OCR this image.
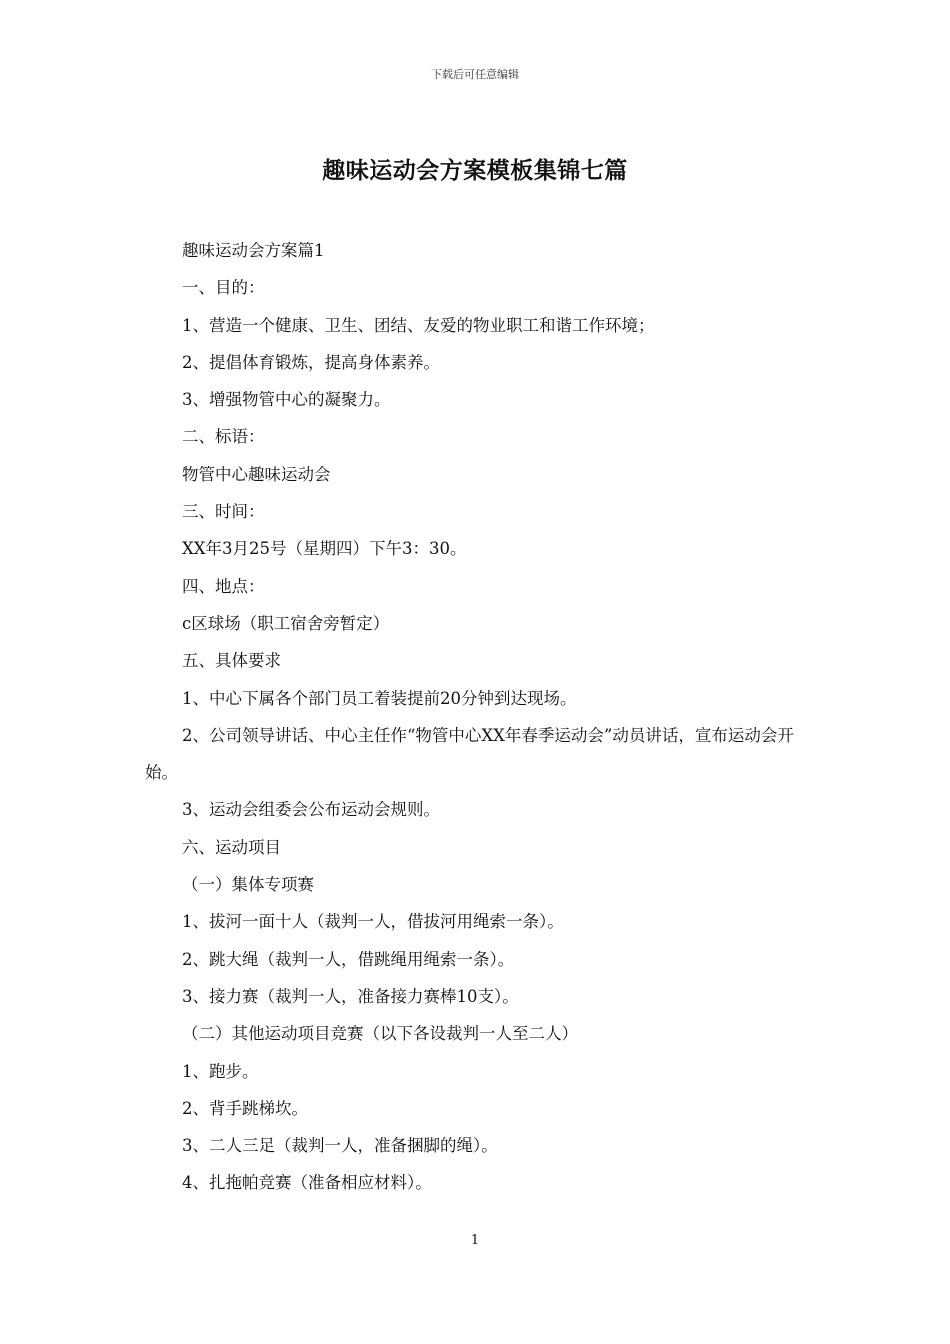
下载后可任意编辑
趣味运动会方案模板集锦七篇
趣味运动会方案篇1
一、目的：
1、营造一个健康、卫生、团结、友爱的物业职工和谐工作环境；
2、提倡体育锻炼，提高身体素养。
3、增强物管中心的凝聚力。
二、标语：
物管中心趣味运动会
三、时间：
XX年3月25号（星期四）下午3：30。
四、地点：
c区球场（职工宿舍旁暂定）
五、具体要求
1、中心下属各个部门员工着装提前20分钟到达现场。
2、公司领导讲话、中心主任作“物管中心XX年春季运动会”动员讲话，宣布运动会开始。
3、运动会组委会公布运动会规则。
六、运动项目
（一）集体专项赛
1、拔河一面十人（裁判一人，借拔河用绳索一条）。
2、跳大绳（裁判一人，借跳绳用绳索一条）。
3、接力赛（裁判一人，准备接力赛棒10支）。
（二）其他运动项目竞赛（以下各设裁判一人至二人）
1、跑步。
2、背手跳梯坎。
3、二人三足（裁判一人，准备捆脚的绳）。
4、扎拖帕竞赛（准备相应材料）。
1
